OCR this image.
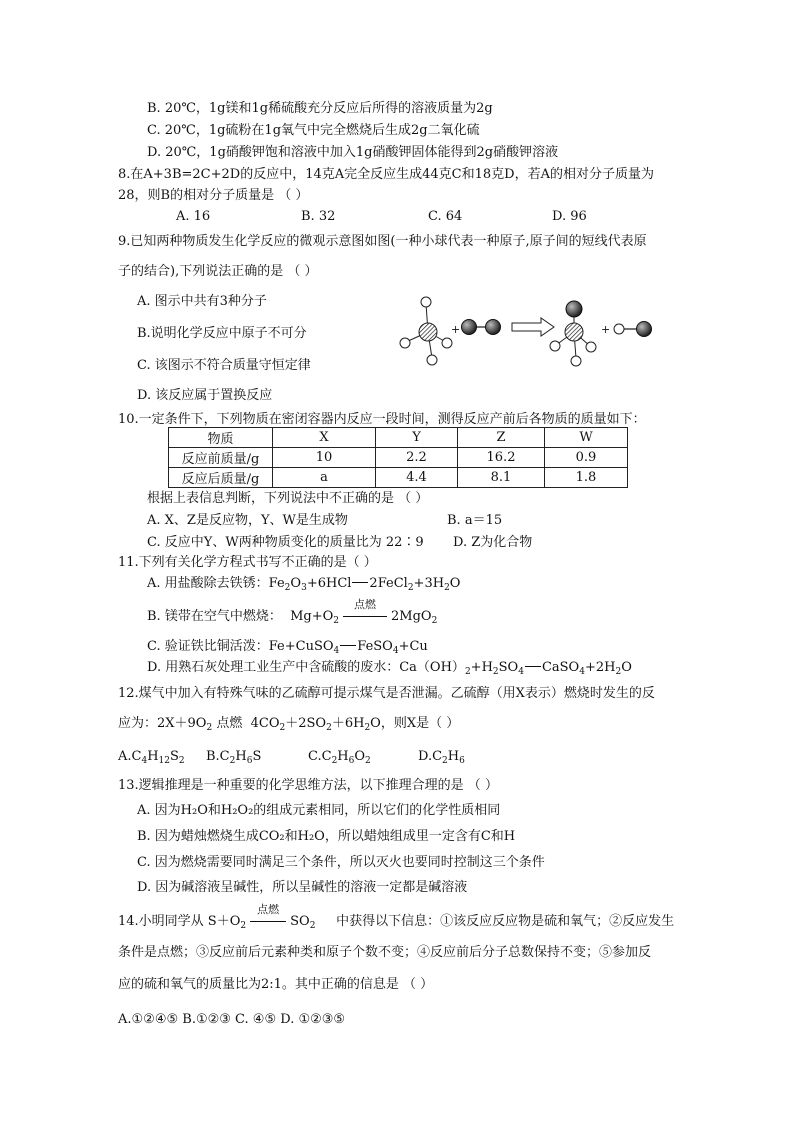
B. 20℃，1g镁和1g稀硫酸充分反应后所得的溶液质量为2g
C. 20℃，1g硫粉在1g氧气中完全燃烧后生成2g二氧化硫
D. 20℃，1g硝酸钾饱和溶液中加入1g硝酸钾固体能得到2g硝酸钾溶液
8.在A+3B=2C+2D的反应中，14克A完全反应生成44克C和18克D，若A的相对分子质量为
28，则B的相对分子质量是 （ ）
A. 16	B. 32	C. 64	D. 96
9.已知两种物质发生化学反应的微观示意图如图(一种小球代表一种原子,原子间的短线代表原
子的结合),下列说法正确的是 （ ）
A. 图示中共有3种分子
B.说明化学反应中原子不可分
C. 该图示不符合质量守恒定律
D. 该反应属于置换反应
+	+
10.一定条件下，下列物质在密闭容器内反应一段时间，测得反应产前后各物质的质量如下：
物质	X	Y	Z	W
反应前质量/g	10	2.2	16.2	0.9
反应后质量/g	a	4.4	8.1	1.8
根据上表信息判断，下列说法中不正确的是 （ ）
A. X、Z是反应物，Y、W是生成物	B. a＝15
C. 反应中Y、W两种物质变化的质量比为 22∶9 D. Z为化合物
11.下列有关化学方程式书写不正确的是（ ）
A. 用盐酸除去铁锈：$Fe_2O_3+6HCl$ $2FeCl_2+3H_2O$
B. 镁带在空气中燃烧：  $Mg+O_2$
点燃
2MgO$_2$
C. 验证铁比铜活泼：Fe+CuSO$_4$ FeSO$_4$+Cu
D. 用熟石灰处理工业生产中含硫酸的废水：$Ca(OH)_2+H_2SO_4$ $CaSO_4+2H_2O$
12.煤气中加入有特殊气味的乙硫醇可提示煤气是否泄漏。乙硫醇（用X表示）燃烧时发生的反
应为：$2X+9O_2$ 点燃 $4CO_2+2SO_2+6H_2O$，则X是（ ）
$A.C_4H_{12}S_2$ $B.C_2H_6S$	$C.C_2H_6O_2$	$D.C_2H_6$
13.逻辑推理是一种重要的化学思维方法，以下推理合理的是 （ ）
A. 因为H₂O和H₂O₂的组成元素相同，所以它们的化学性质相同
B. 因为蜡烛燃烧生成CO₂和H₂O，所以蜡烛组成里一定含有C和H
C. 因为燃烧需要同时满足三个条件，所以灭火也要同时控制这三个条件
D. 因为碱溶液呈碱性，所以呈碱性的溶液一定都是碱溶液
14.小明同学从 $S+O_2$
点燃
$SO_2$ 中获得以下信息：①该反应反应物是硫和氧气；②反应发生
条件是点燃；③反应前后元素种类和原子个数不变；④反应前后分子总数保持不变；⑤参加反
应的硫和氧气的质量比为2:1。其中正确的信息是 （ ）
A.①②④⑤ B.①②③ C. ④⑤ D. ①②③⑤
